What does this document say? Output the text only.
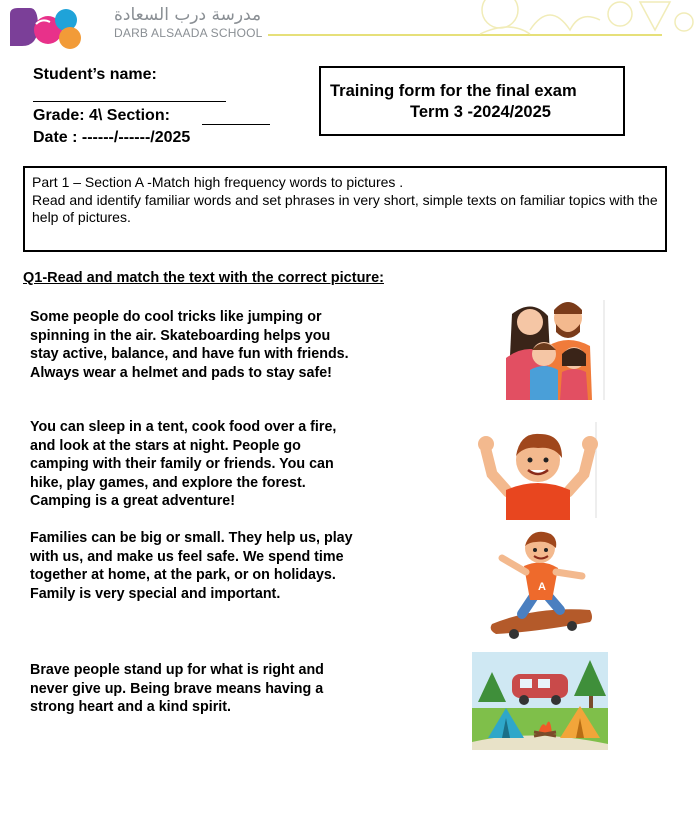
مدرسة درب السعادة
DARB ALSAADA SCHOOL
Student’s name:
Grade: 4\ Section:
Date : ------/------/2025
Training form for the final exam
Term 3 -2024/2025
Part 1 – Section A -Match high frequency words to pictures .
Read and identify familiar words and set phrases in very short, simple texts on familiar topics with the help of pictures.
Q1-Read and match the text with the correct picture:
Some people do cool tricks like jumping or spinning in the air. Skateboarding helps you stay active, balance, and have fun with friends. Always wear a helmet and pads to stay safe!
You can sleep in a tent, cook food over a fire, and look at the stars at night. People go camping with their family or friends. You can hike, play games, and explore the forest. Camping is a great adventure!
Families can be big or small. They help us, play with us, and make us feel safe. We spend time together at home, at the park, or on holidays. Family is very special and important.
Brave people stand up for what is right and never give up. Being brave means having a strong heart and a kind spirit.
A
